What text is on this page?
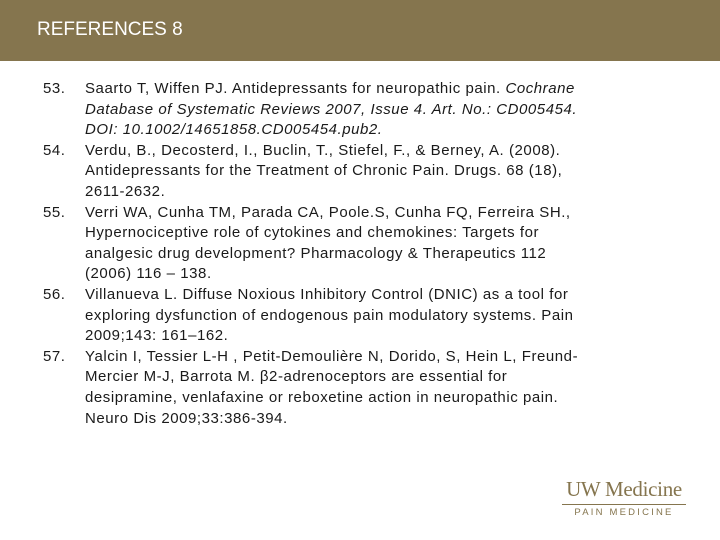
REFERENCES 8
53.	Saarto T, Wiffen PJ. Antidepressants for neuropathic pain. Cochrane
Database of Systematic Reviews 2007, Issue 4. Art. No.: CD005454.
DOI: 10.1002/14651858.CD005454.pub2.
54.	Verdu, B., Decosterd, I., Buclin, T., Stiefel, F., & Berney, A. (2008).
Antidepressants for the Treatment of Chronic Pain. Drugs. 68 (18),
2611-2632.
55.	Verri WA, Cunha TM, Parada CA, Poole.S, Cunha FQ, Ferreira SH.,
Hypernociceptive role of cytokines and chemokines: Targets for
analgesic drug development? Pharmacology & Therapeutics 112
(2006) 116 – 138.
56.	Villanueva L. Diffuse Noxious Inhibitory Control (DNIC) as a tool for
exploring dysfunction of endogenous pain modulatory systems. Pain
2009;143: 161–162.
57.	Yalcin I, Tessier L-H , Petit-Demoulière N, Dorido, S, Hein L, Freund-
Mercier M-J, Barrota M. β2-adrenoceptors are essential for
desipramine, venlafaxine or reboxetine action in neuropathic pain.
Neuro Dis 2009;33:386-394.
UW Medicine
PAIN MEDICINE
